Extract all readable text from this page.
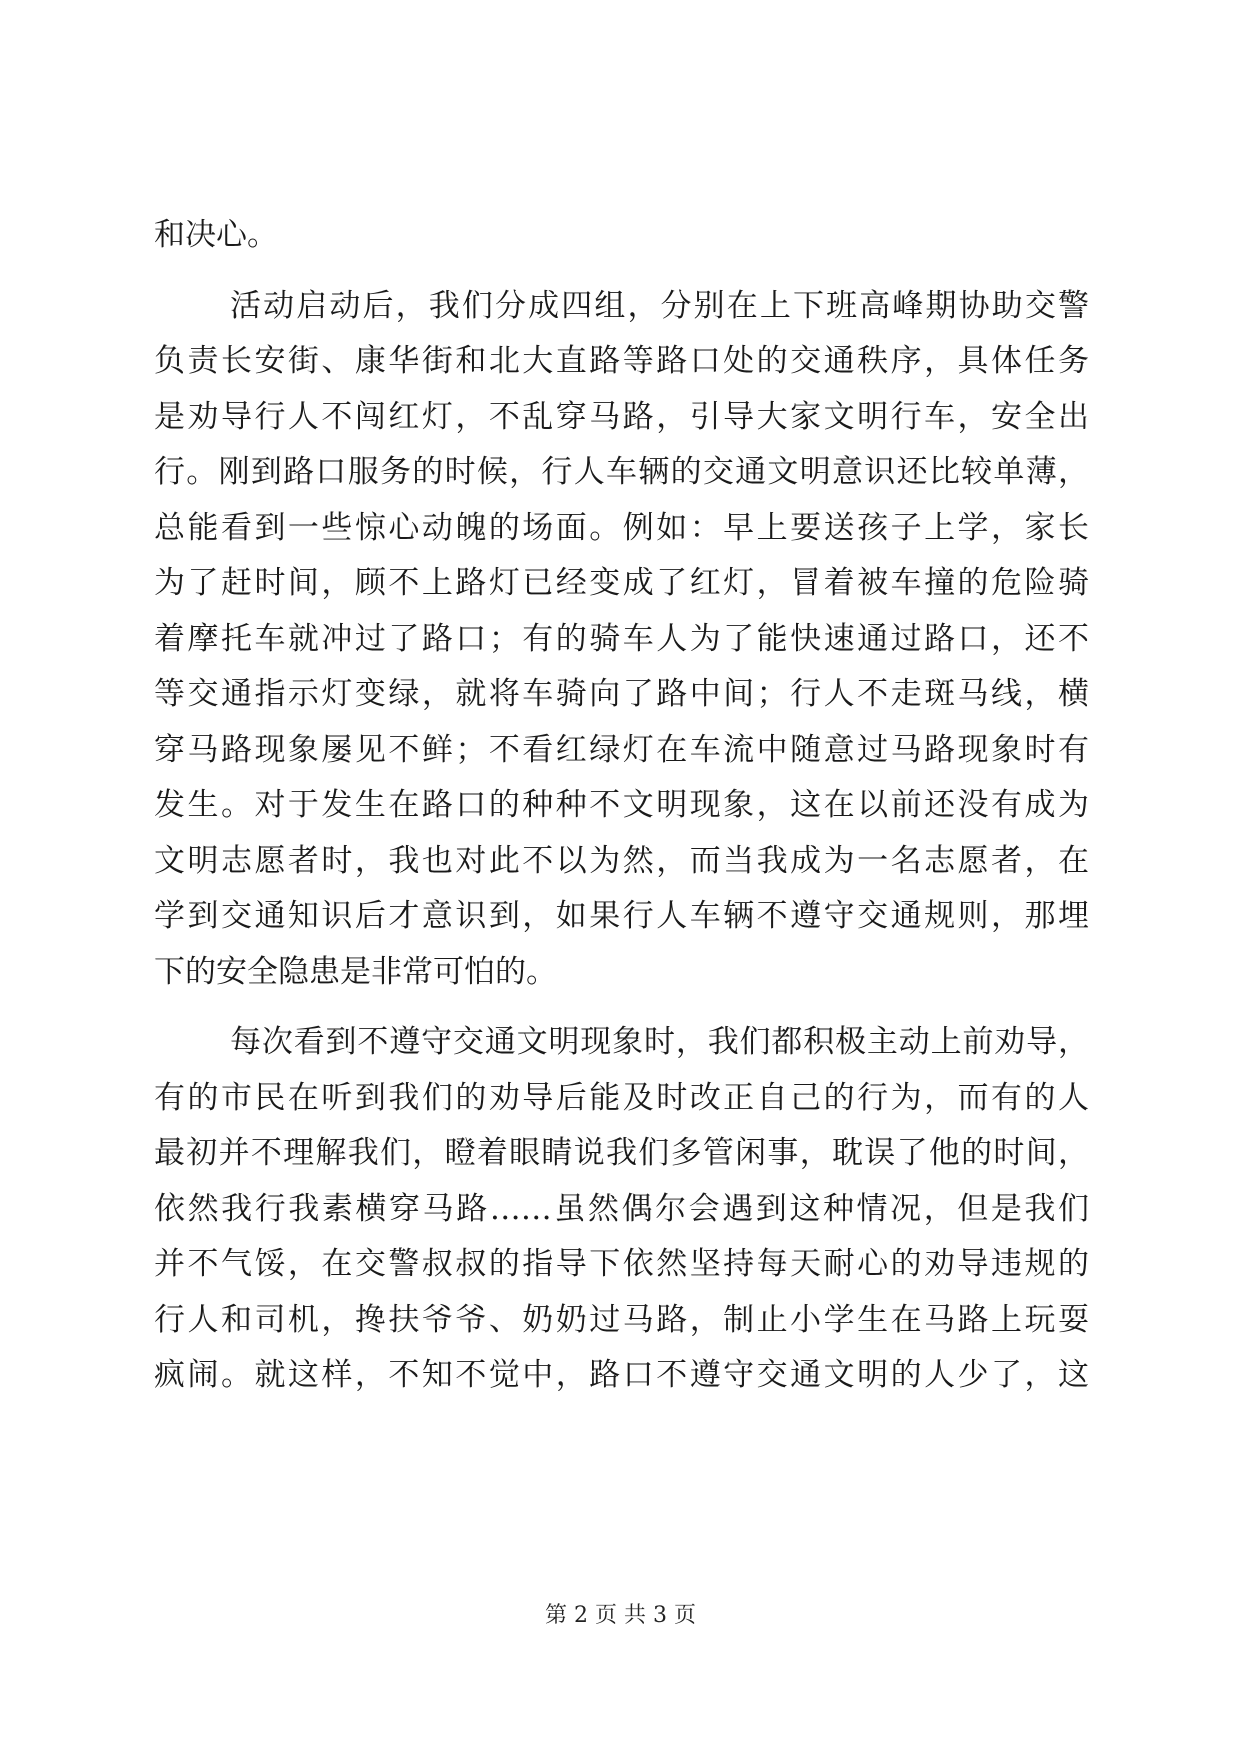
和决心。
活动启动后，我们分成四组，分别在上下班高峰期协助交警
负责长安街、康华街和北大直路等路口处的交通秩序，具体任务
是劝导行人不闯红灯，不乱穿马路，引导大家文明行车，安全出
行。刚到路口服务的时候，行人车辆的交通文明意识还比较单薄，
总能看到一些惊心动魄的场面。例如：早上要送孩子上学，家长
为了赶时间，顾不上路灯已经变成了红灯，冒着被车撞的危险骑
着摩托车就冲过了路口；有的骑车人为了能快速通过路口，还不
等交通指示灯变绿，就将车骑向了路中间；行人不走斑马线，横
穿马路现象屡见不鲜；不看红绿灯在车流中随意过马路现象时有
发生。对于发生在路口的种种不文明现象，这在以前还没有成为
文明志愿者时，我也对此不以为然，而当我成为一名志愿者，在
学到交通知识后才意识到，如果行人车辆不遵守交通规则，那埋
下的安全隐患是非常可怕的。
每次看到不遵守交通文明现象时，我们都积极主动上前劝导，
有的市民在听到我们的劝导后能及时改正自己的行为，而有的人
最初并不理解我们，瞪着眼睛说我们多管闲事，耽误了他的时间，
依然我行我素横穿马路……虽然偶尔会遇到这种情况，但是我们
并不气馁，在交警叔叔的指导下依然坚持每天耐心的劝导违规的
行人和司机，搀扶爷爷、奶奶过马路，制止小学生在马路上玩耍
疯闹。就这样，不知不觉中，路口不遵守交通文明的人少了，这
第 2 页 共 3 页
